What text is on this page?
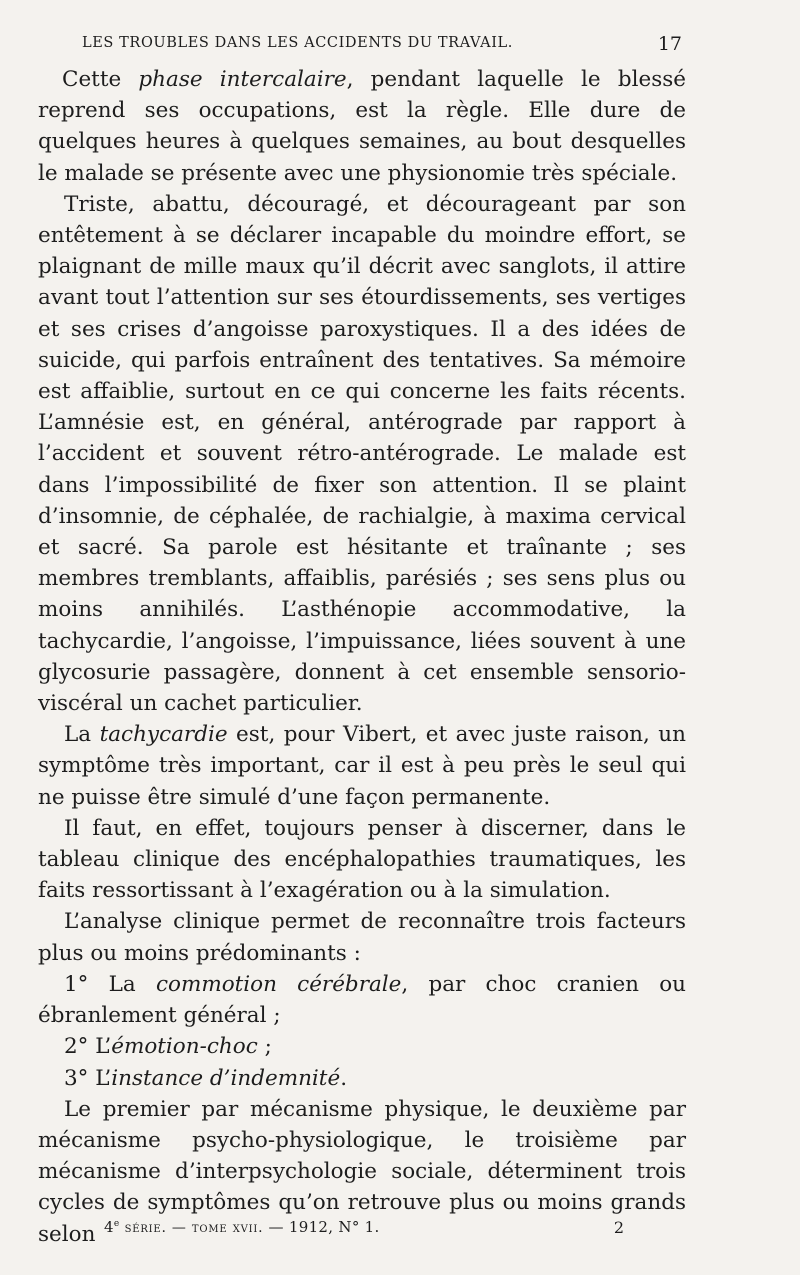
LES TROUBLES DANS LES ACCIDENTS DU TRAVAIL.	17

Cette phase intercalaire, pendant laquelle le blessé reprend ses occupations, est la règle. Elle dure de quelques heures à quelques semaines, au bout desquelles le malade se présente avec une physionomie très spéciale.

Triste, abattu, découragé, et décourageant par son entêtement à se déclarer incapable du moindre effort, se plaignant de mille maux qu’il décrit avec sanglots, il attire avant tout l’attention sur ses étourdissements, ses vertiges et ses crises d’angoisse paroxystiques. Il a des idées de suicide, qui parfois entraînent des tentatives. Sa mémoire est affaiblie, surtout en ce qui concerne les faits récents. L’amnésie est, en général, antérograde par rapport à l’accident et souvent rétro-antérograde. Le malade est dans l’impossibilité de fixer son attention. Il se plaint d’insomnie, de céphalée, de rachialgie, à maxima cervical et sacré. Sa parole est hésitante et traînante ; ses membres tremblants, affaiblis, parésiés ; ses sens plus ou moins annihilés. L’asthénopie accommodative, la tachycardie, l’angoisse, l’impuissance, liées souvent à une glycosurie passagère, donnent à cet ensemble sensorio-viscéral un cachet particulier.

La tachycardie est, pour Vibert, et avec juste raison, un symptôme très important, car il est à peu près le seul qui ne puisse être simulé d’une façon permanente.

Il faut, en effet, toujours penser à discerner, dans le tableau clinique des encéphalopathies traumatiques, les faits ressortissant à l’exagération ou à la simulation.

L’analyse clinique permet de reconnaître trois facteurs plus ou moins prédominants :

1° La commotion cérébrale, par choc cranien ou ébranlement général ;

2° L’émotion-choc ;

3° L’instance d’indemnité.

Le premier par mécanisme physique, le deuxième par mécanisme psycho-physiologique, le troisième par mécanisme d’interpsychologie sociale, déterminent trois cycles de symptômes qu’on retrouve plus ou moins grands selon 4e série. — tome xvii. — 1912, N° 1.	2
